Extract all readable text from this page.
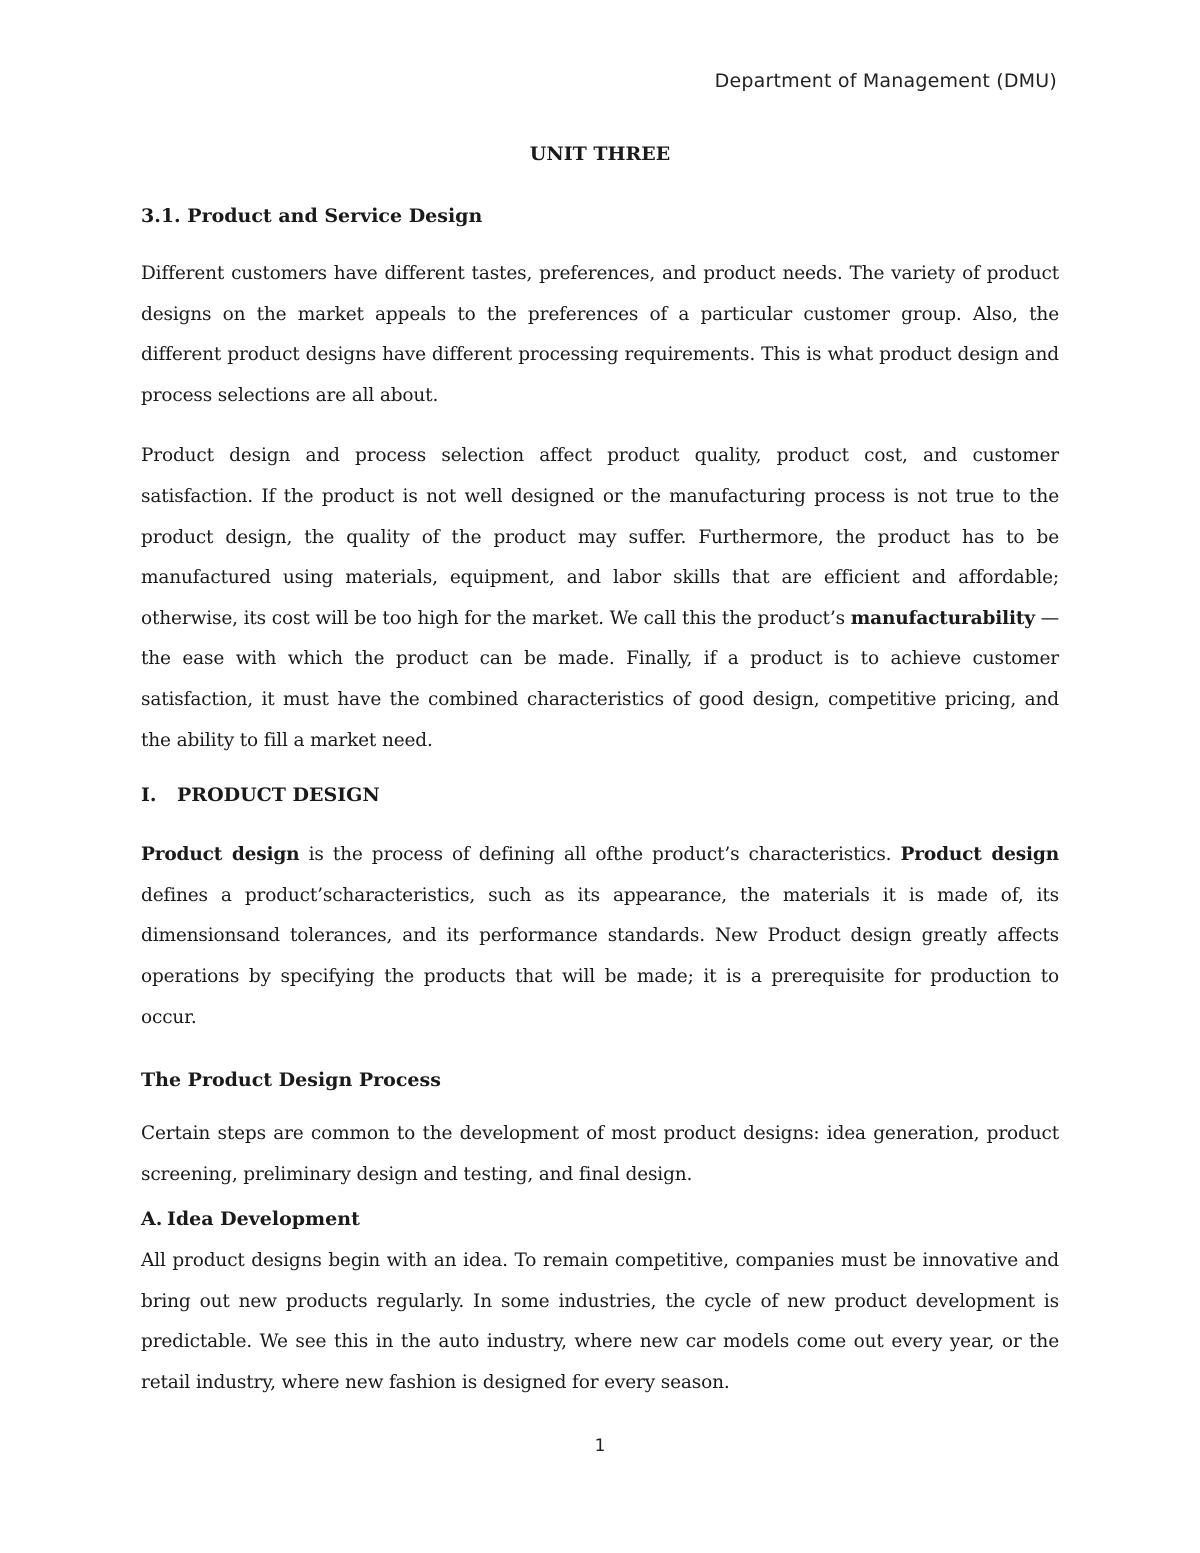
Department of Management (DMU)
UNIT THREE
3.1. Product and Service Design

Different customers have different tastes, preferences, and product needs. The variety of product designs on the market appeals to the preferences of a particular customer group. Also, the different product designs have different processing requirements. This is what product design and process selections are all about.

Product design and process selection affect product quality, product cost, and customer satisfaction. If the product is not well designed or the manufacturing process is not true to the product design, the quality of the product may suffer. Furthermore, the product has to be manufactured using materials, equipment, and labor skills that are efficient and affordable; otherwise, its cost will be too high for the market. We call this the product’s manufacturability —the ease with which the product can be made. Finally, if a product is to achieve customer satisfaction, it must have the combined characteristics of good design, competitive pricing, and the ability to fill a market need.

I.	PRODUCT DESIGN

Product design is the process of defining all ofthe product’s characteristics. Product design defines a product’scharacteristics, such as its appearance, the materials it is made of, its dimensionsand tolerances, and its performance standards. New Product design greatly affects operations by specifying the products that will be made; it is a prerequisite for production to occur.

The Product Design Process

Certain steps are common to the development of most product designs: idea generation, product screening, preliminary design and testing, and final design.

A. Idea Development

All product designs begin with an idea. To remain competitive, companies must be innovative and bring out new products regularly. In some industries, the cycle of new product development is predictable. We see this in the auto industry, where new car models come out every year, or the retail industry, where new fashion is designed for every season.

1
